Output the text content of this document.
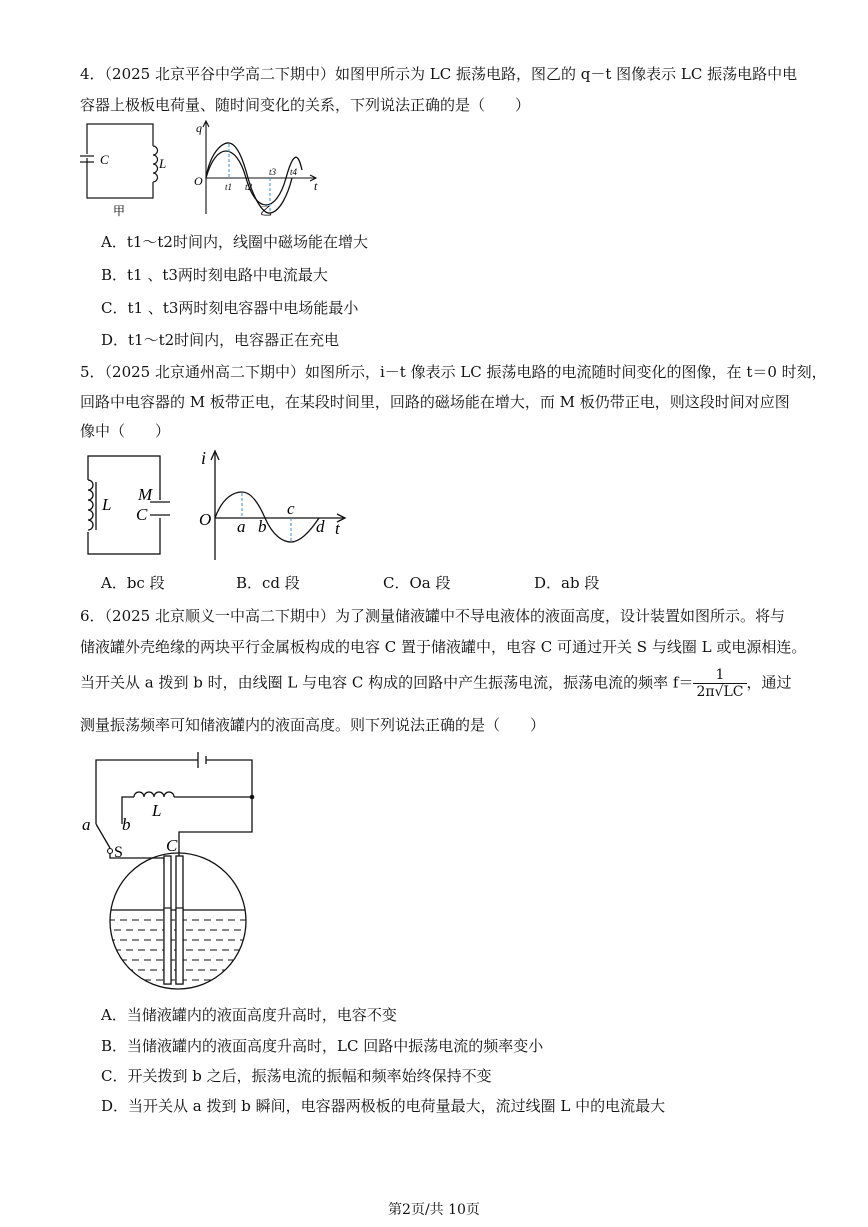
4．（2025 北京平谷中学高二下期中）如图甲所示为 LC 振荡电路，图乙的 q－t 图像表示 LC 振荡电路中电
容器上极板电荷量、随时间变化的关系，下列说法正确的是（　　）
C	L
甲
q
O	t
t1 t2
t3 t4
乙
A．t1～t2时间内，线圈中磁场能在增大
B．t1 、t3两时刻电路中电流最大
C．t1 、t3两时刻电容器中电场能最小
D．t1～t2时间内，电容器正在充电
5．（2025 北京通州高二下期中）如图所示，i－t 像表示 LC 振荡电路的电流随时间变化的图像，在 t＝0 时刻，
回路中电容器的 M 板带正电，在某段时间里，回路的磁场能在增大，而 M 板仍带正电，则这段时间对应图
像中（　　）
L
M
C
i
O a b
c
d t
A．bc 段	B．cd 段	C．Oa 段	D．ab 段
6．（2025 北京顺义一中高二下期中）为了测量储液罐中不导电液体的液面高度，设计装置如图所示。将与
储液罐外壳绝缘的两块平行金属板构成的电容 C 置于储液罐中，电容 C 可通过开关 S 与线圈 L 或电源相连。
当开关从 a 拨到 b 时，由线圈 L 与电容 C 构成的回路中产生振荡电流，振荡电流的频率 $f= \frac{1}{2\pi√LC}$ ，通过
测量振荡频率可知储液罐内的液面高度。则下列说法正确的是（　　）
a b
L
S	C
A．当储液罐内的液面高度升高时，电容不变
B．当储液罐内的液面高度升高时，LC 回路中振荡电流的频率变小
C．开关拨到 b 之后，振荡电流的振幅和频率始终保持不变
D．当开关从 a 拨到 b 瞬间，电容器两极板的电荷量最大，流过线圈 L 中的电流最大
第2页/共 10页
